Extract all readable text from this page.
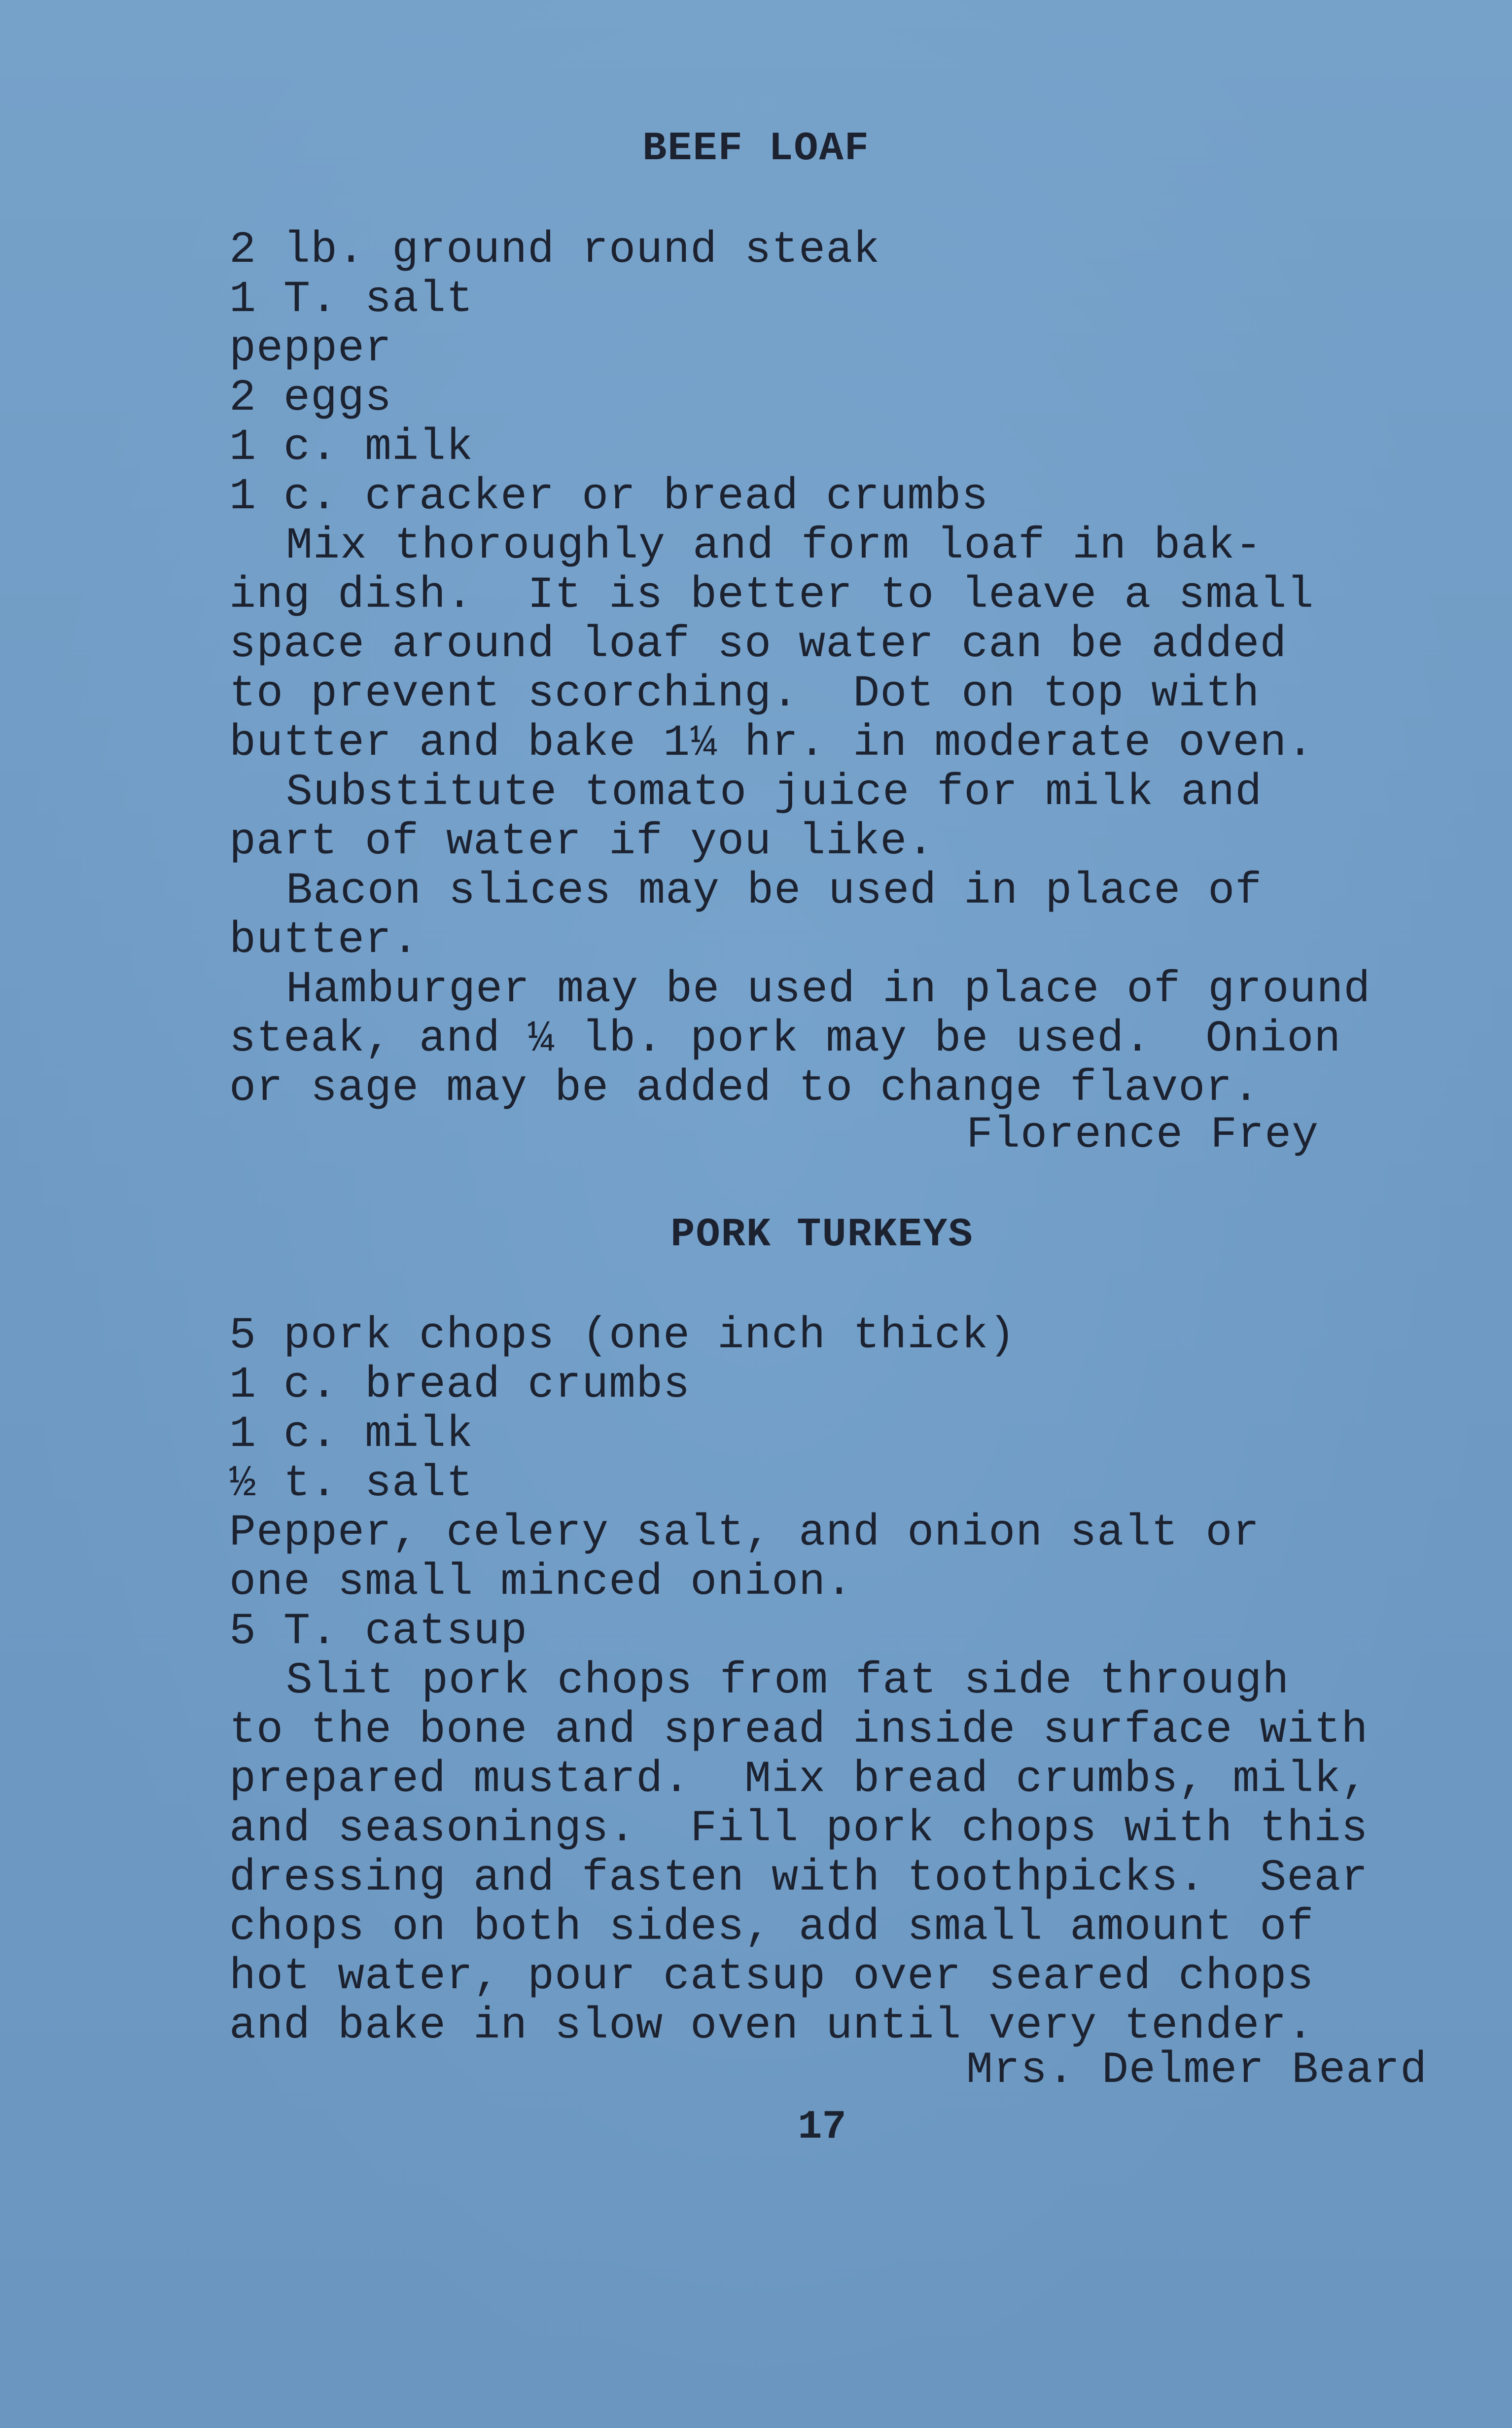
BEEF LOAF
2 lb. ground round steak
1 T. salt
pepper
2 eggs
1 c. milk
1 c. cracker or bread crumbs
Mix thoroughly and form loaf in bak-
ing dish.  It is better to leave a small
space around loaf so water can be added
to prevent scorching.  Dot on top with
butter and bake 1¼ hr. in moderate oven.
Substitute tomato juice for milk and
part of water if you like.
Bacon slices may be used in place of
butter.
Hamburger may be used in place of ground
steak, and ¼ lb. pork may be used.  Onion
or sage may be added to change flavor.
Florence Frey
PORK TURKEYS
5 pork chops (one inch thick)
1 c. bread crumbs
1 c. milk
½ t. salt
Pepper, celery salt, and onion salt or
one small minced onion.
5 T. catsup
Slit pork chops from fat side through
to the bone and spread inside surface with
prepared mustard.  Mix bread crumbs, milk,
and seasonings.  Fill pork chops with this
dressing and fasten with toothpicks.  Sear
chops on both sides, add small amount of
hot water, pour catsup over seared chops
and bake in slow oven until very tender.
Mrs. Delmer Beard
17
